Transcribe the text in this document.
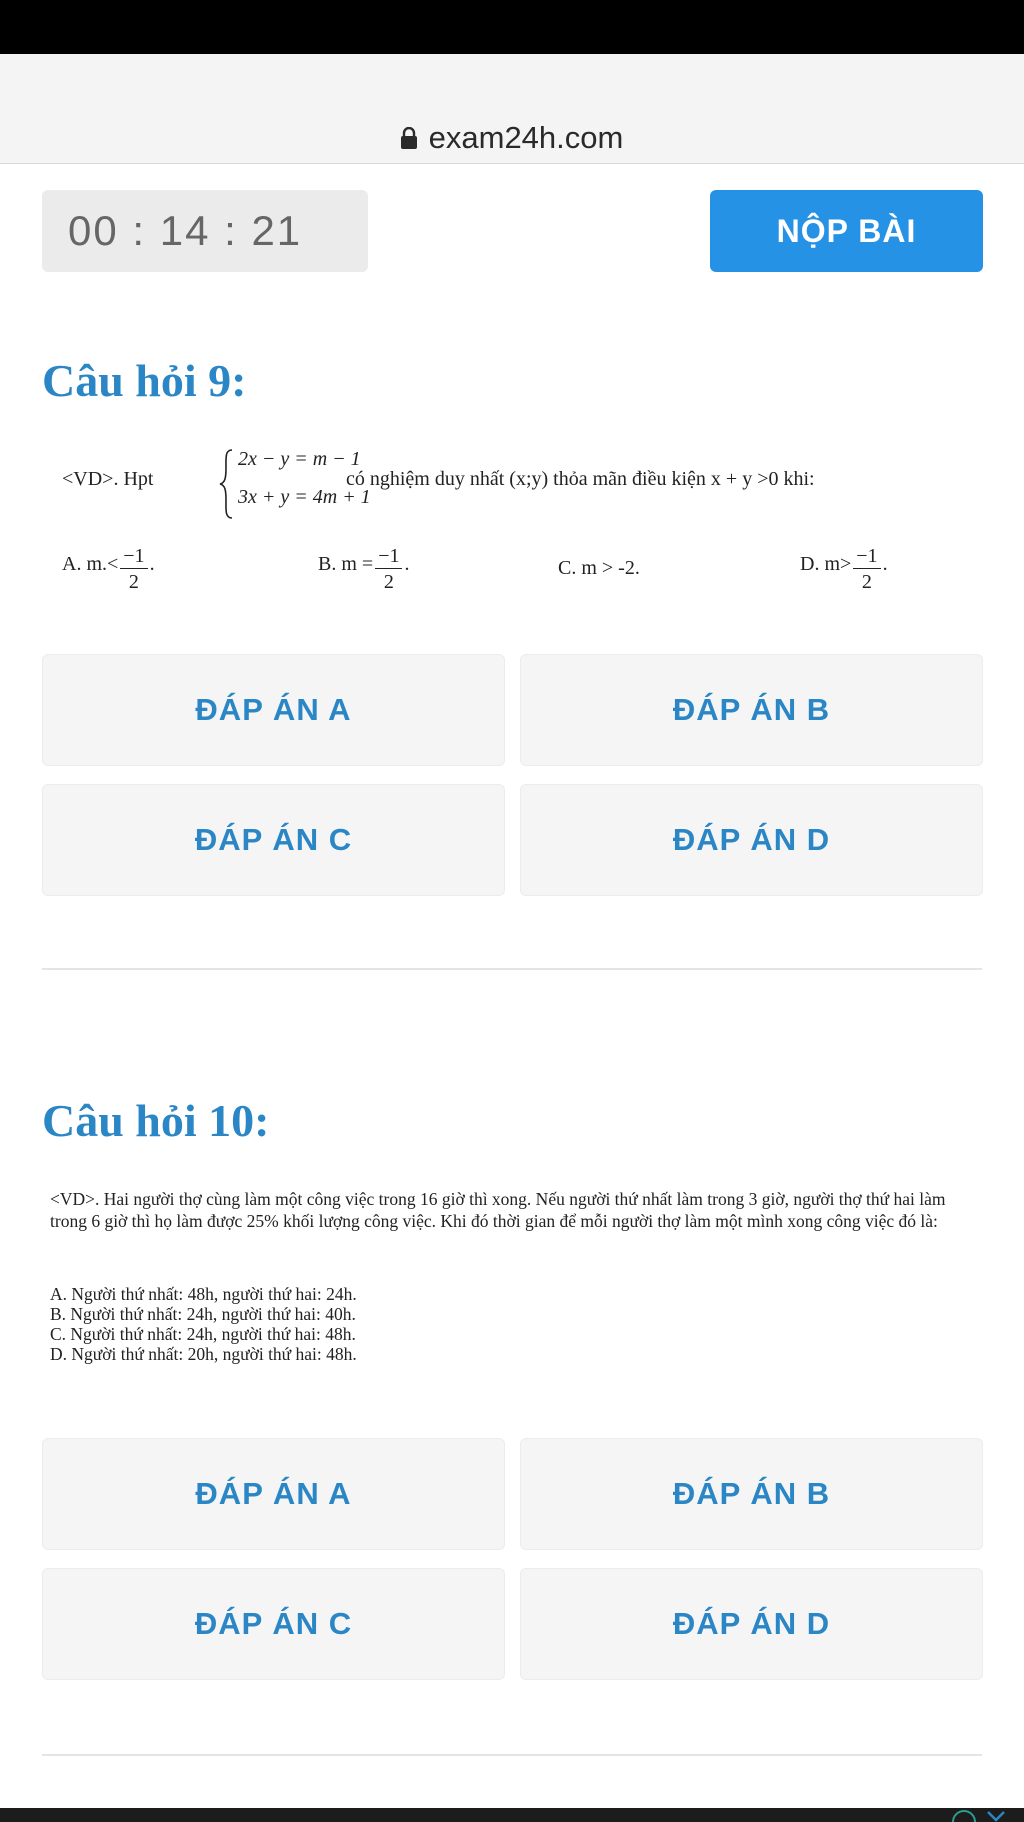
exam24h.com
00 : 14 : 21	NỘP BÀI
Câu hỏi 9:
<VD>. Hpt
2x − y = m − 1
3x + y = 4m + 1
có nghiệm duy nhất (x;y) thỏa mãn điều kiện x + y >0 khi:
A. $m.< \frac{-1}{2}$ .	B. $m = \frac{-1}{2}$ .	C. m > -2.	D. $m> \frac{-1}{2}$ .
ĐÁP ÁN A	ĐÁP ÁN B
ĐÁP ÁN C	ĐÁP ÁN D
Câu hỏi 10:

<VD>. Hai người thợ cùng làm một công việc trong 16 giờ thì xong. Nếu người thứ nhất làm trong 3 giờ, người thợ thứ hai làm trong 6 giờ thì họ làm được 25% khối lượng công việc. Khi đó thời gian để mỗi người thợ làm một mình xong công việc đó là:

A. Người thứ nhất: 48h, người thứ hai: 24h.
B. Người thứ nhất: 24h, người thứ hai: 40h.
C. Người thứ nhất: 24h, người thứ hai: 48h.
D. Người thứ nhất: 20h, người thứ hai: 48h.
ĐÁP ÁN A	ĐÁP ÁN B
ĐÁP ÁN C	ĐÁP ÁN D
